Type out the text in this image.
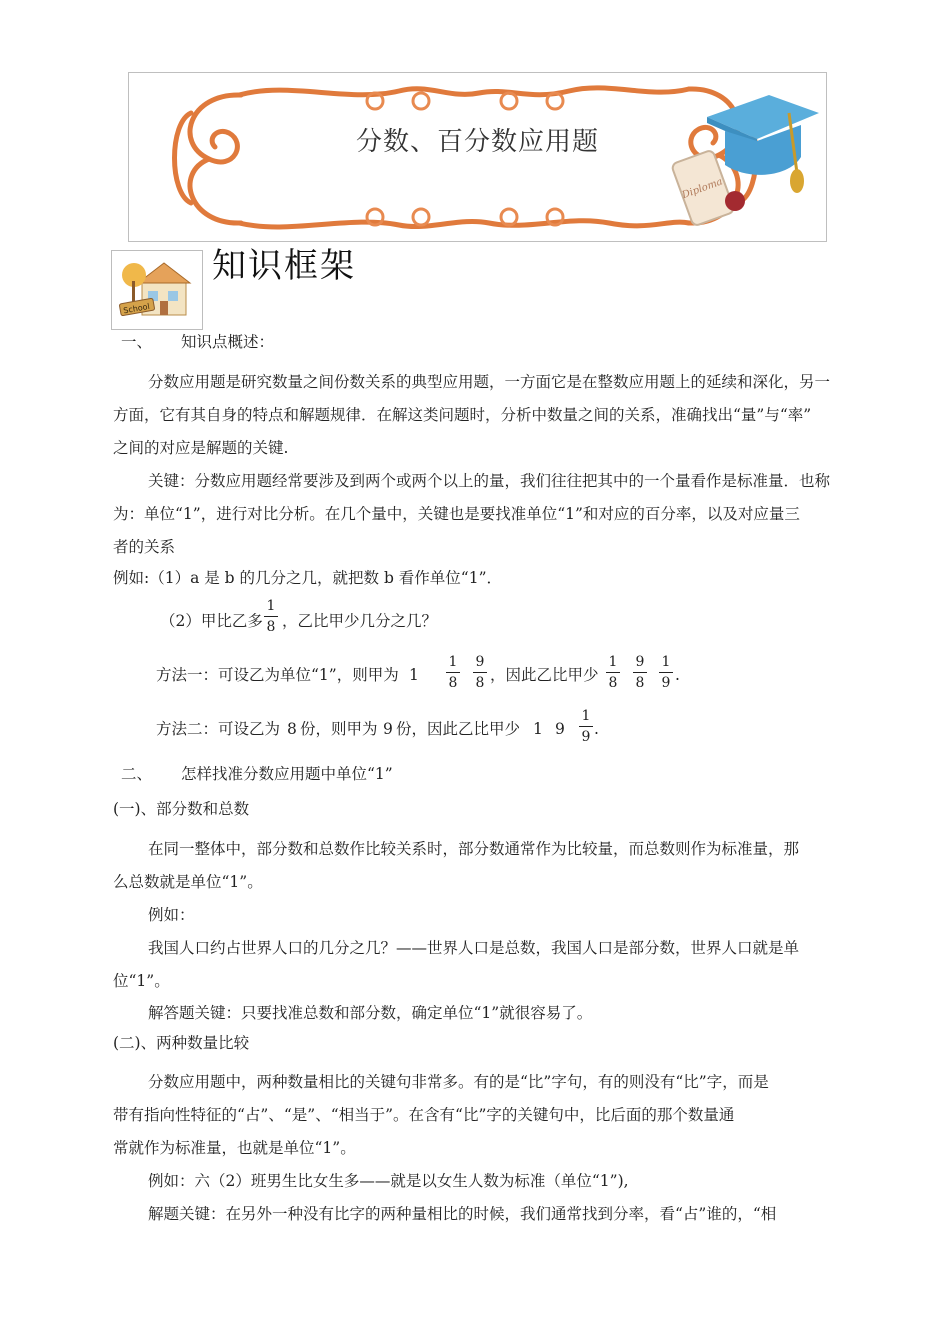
Diploma
分数、百分数应用题
School
知识框架
一、 知识点概述：
分数应用题是研究数量之间份数关系的典型应用题，一方面它是在整数应用题上的延续和深化，另一
方面，它有其自身的特点和解题规律．在解这类问题时，分析中数量之间的关系，准确找出“量”与“率”
之间的对应是解题的关键.
关键：分数应用题经常要涉及到两个或两个以上的量，我们往往把其中的一个量看作是标准量．也称
为：单位“1”，进行对比分析。在几个量中，关键也是要找准单位“1”和对应的百分率，以及对应量三
者的关系
例如:（1）a 是 b 的几分之几，就把数 b 看作单位“1”．
（2）甲比乙多
1
8 ，乙比甲少几分之几？
方法一：可设乙为单位“1”，则甲为 1
1
8
9
8 ，因此乙比甲少
1
8
9
8
1
9 .
方法二：可设乙为 8 份，则甲为 9 份，因此乙比甲少 1 9
1
9 .
二、 怎样找准分数应用题中单位“1”
(一)、部分数和总数
在同一整体中，部分数和总数作比较关系时，部分数通常作为比较量，而总数则作为标准量，那
么总数就是单位“1”。
例如：
我国人口约占世界人口的几分之几？——世界人口是总数，我国人口是部分数，世界人口就是单
位“1”。
解答题关键：只要找准总数和部分数，确定单位“1”就很容易了。
(二)、两种数量比较
分数应用题中，两种数量相比的关键句非常多。有的是“比”字句，有的则没有“比”字，而是
带有指向性特征的“占”、“是”、“相当于”。在含有“比”字的关键句中，比后面的那个数量通
常就作为标准量，也就是单位“1”。
例如：六（2）班男生比女生多——就是以女生人数为标准（单位“1”),
解题关键：在另外一种没有比字的两种量相比的时候，我们通常找到分率，看“占”谁的，“相
